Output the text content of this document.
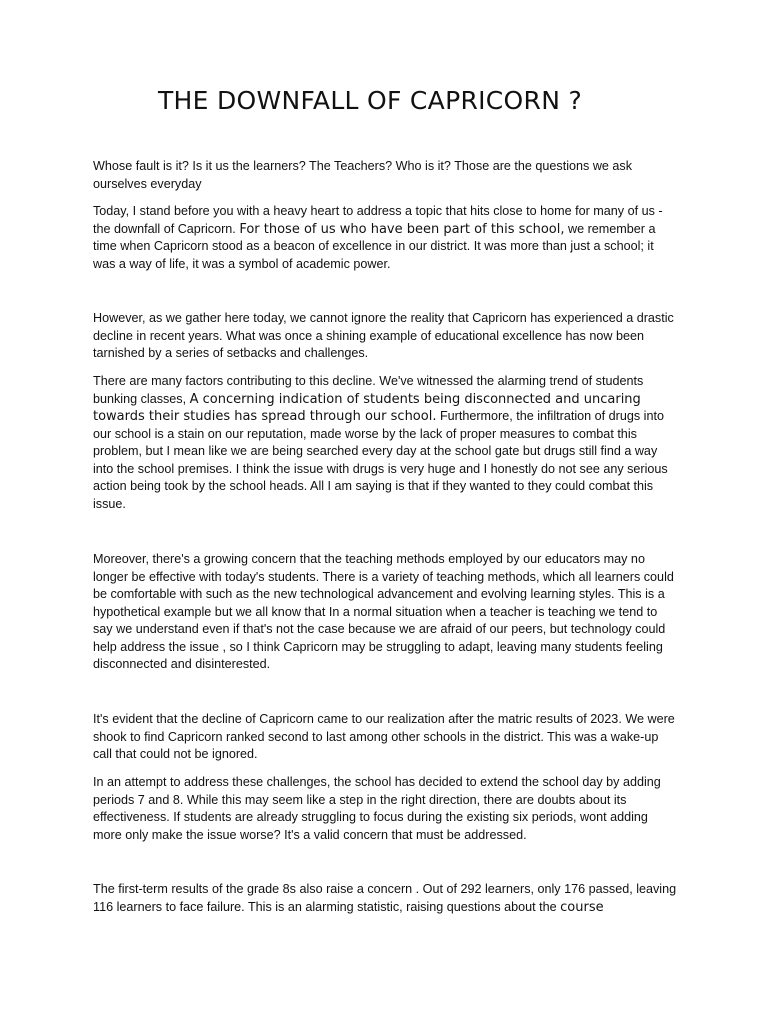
THE DOWNFALL OF CAPRICORN ?

Whose fault is it? Is it us the learners? The Teachers? Who is it? Those are the questions we ask ourselves everyday

Today, I stand before you with a heavy heart to address a topic that hits close to home for many of us - the downfall of Capricorn. For those of us who have been part of this school, we remember a time when Capricorn stood as a beacon of excellence in our district. It was more than just a school; it was a way of life, it was a symbol of academic power.

However, as we gather here today, we cannot ignore the reality that Capricorn has experienced a drastic decline in recent years. What was once a shining example of educational excellence has now been tarnished by a series of setbacks and challenges.

There are many factors contributing to this decline. We've witnessed the alarming trend of students bunking classes, A concerning indication of students being disconnected and uncaring towards their studies has spread through our school. Furthermore, the infiltration of drugs into our school is a stain on our reputation, made worse by the lack of proper measures to combat this problem, but I mean like we are being searched every day at the school gate but drugs still find a way into the school premises. I think the issue with drugs is very huge and I honestly do not see any serious action being took by the school heads. All I am saying is that if they wanted to they could combat this issue.

Moreover, there's a growing concern that the teaching methods employed by our educators may no longer be effective with today's students. There is a variety of teaching methods, which all learners could be comfortable with such as the new technological advancement and evolving learning styles. This is a hypothetical example but we all know that In a normal situation when a teacher is teaching we tend to say we understand even if that's not the case because we are afraid of our peers, but technology could help address the issue , so I think Capricorn may be struggling to adapt, leaving many students feeling disconnected and disinterested.

It's evident that the decline of Capricorn came to our realization after the matric results of 2023. We were shook to find Capricorn ranked second to last among other schools in the district. This was a wake-up call that could not be ignored.

In an attempt to address these challenges, the school has decided to extend the school day by adding periods 7 and 8. While this may seem like a step in the right direction, there are doubts about its effectiveness. If students are already struggling to focus during the existing six periods, wont adding more only make the issue worse? It's a valid concern that must be addressed.

The first-term results of the grade 8s also raise a concern . Out of 292 learners, only 176 passed, leaving 116 learners to face failure. This is an alarming statistic, raising questions about the course
